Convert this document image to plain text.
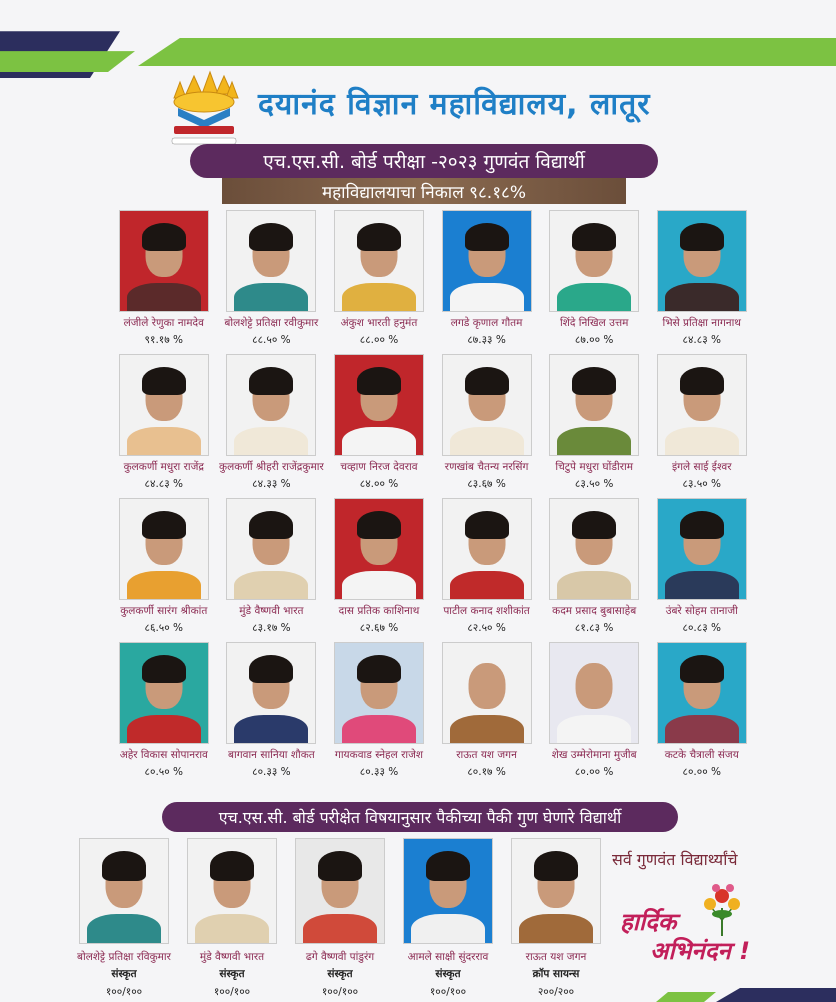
दयानंद विज्ञान महाविद्यालय, लातूर
एच.एस.सी. बोर्ड परीक्षा -२०२३ गुणवंत विद्यार्थी
महाविद्यालयाचा निकाल ९८.१८%
लंजीले रेणुका नामदेव
९१.१७ %
बोलशेट्टे प्रतिक्षा रवीकुमार
८८.५० %
अंकुश भारती हनुमंत
८८.०० %
लगडे कृणाल गौतम
८७.३३ %
शिंदे निखिल उत्तम
८७.०० %
भिसे प्रतिक्षा नागनाथ
८४.८३ %
कुलकर्णी मधुरा राजेंद्र
८४.८३ %
कुलकर्णी श्रीहरी राजेंद्रकुमार
८४.३३ %
चव्हाण निरज देवराव
८४.०० %
रणखांब चैतन्य नरसिंग
८३.६७ %
चिटुपे मधुरा घोंडीराम
८३.५० %
इंगले साई ईश्वर
८३.५० %
कुलकर्णी सारंग श्रीकांत
८६.५० %
मुंडे वैष्णवी भारत
८३.१७ %
दास प्रतिक काशिनाथ
८२.६७ %
पाटील कनाद शशीकांत
८२.५० %
कदम प्रसाद बुबासाहेब
८१.८३ %
उंबरे सोहम तानाजी
८०.८३ %
अहेर विकास सोपानराव
८०.५० %
बागवान सानिया शौकत
८०.३३ %
गायकवाड स्नेहल राजेश
८०.३३ %
राऊत यश जगन
८०.१७ %
शेख उम्मेरोमाना मुजीब
८०.०० %
कटके चैत्राली संजय
८०.०० %
एच.एस.सी. बोर्ड परीक्षेत विषयानुसार पैकीच्या पैकी गुण घेणारे विद्यार्थी
बोलशेट्टे प्रतिक्षा रविकुमार
संस्कृत
१००/१००
मुंडे वैष्णवी भारत
संस्कृत
१००/१००
ढगे वैष्णवी पांडुरंग
संस्कृत
१००/१००
आमले साक्षी सुंदरराव
संस्कृत
१००/१००
राऊत यश जगन
क्रॉप सायन्स
२००/२००
सर्व गुणवंत विद्यार्थ्यांचे
हार्दिक
अभिनंदन !
